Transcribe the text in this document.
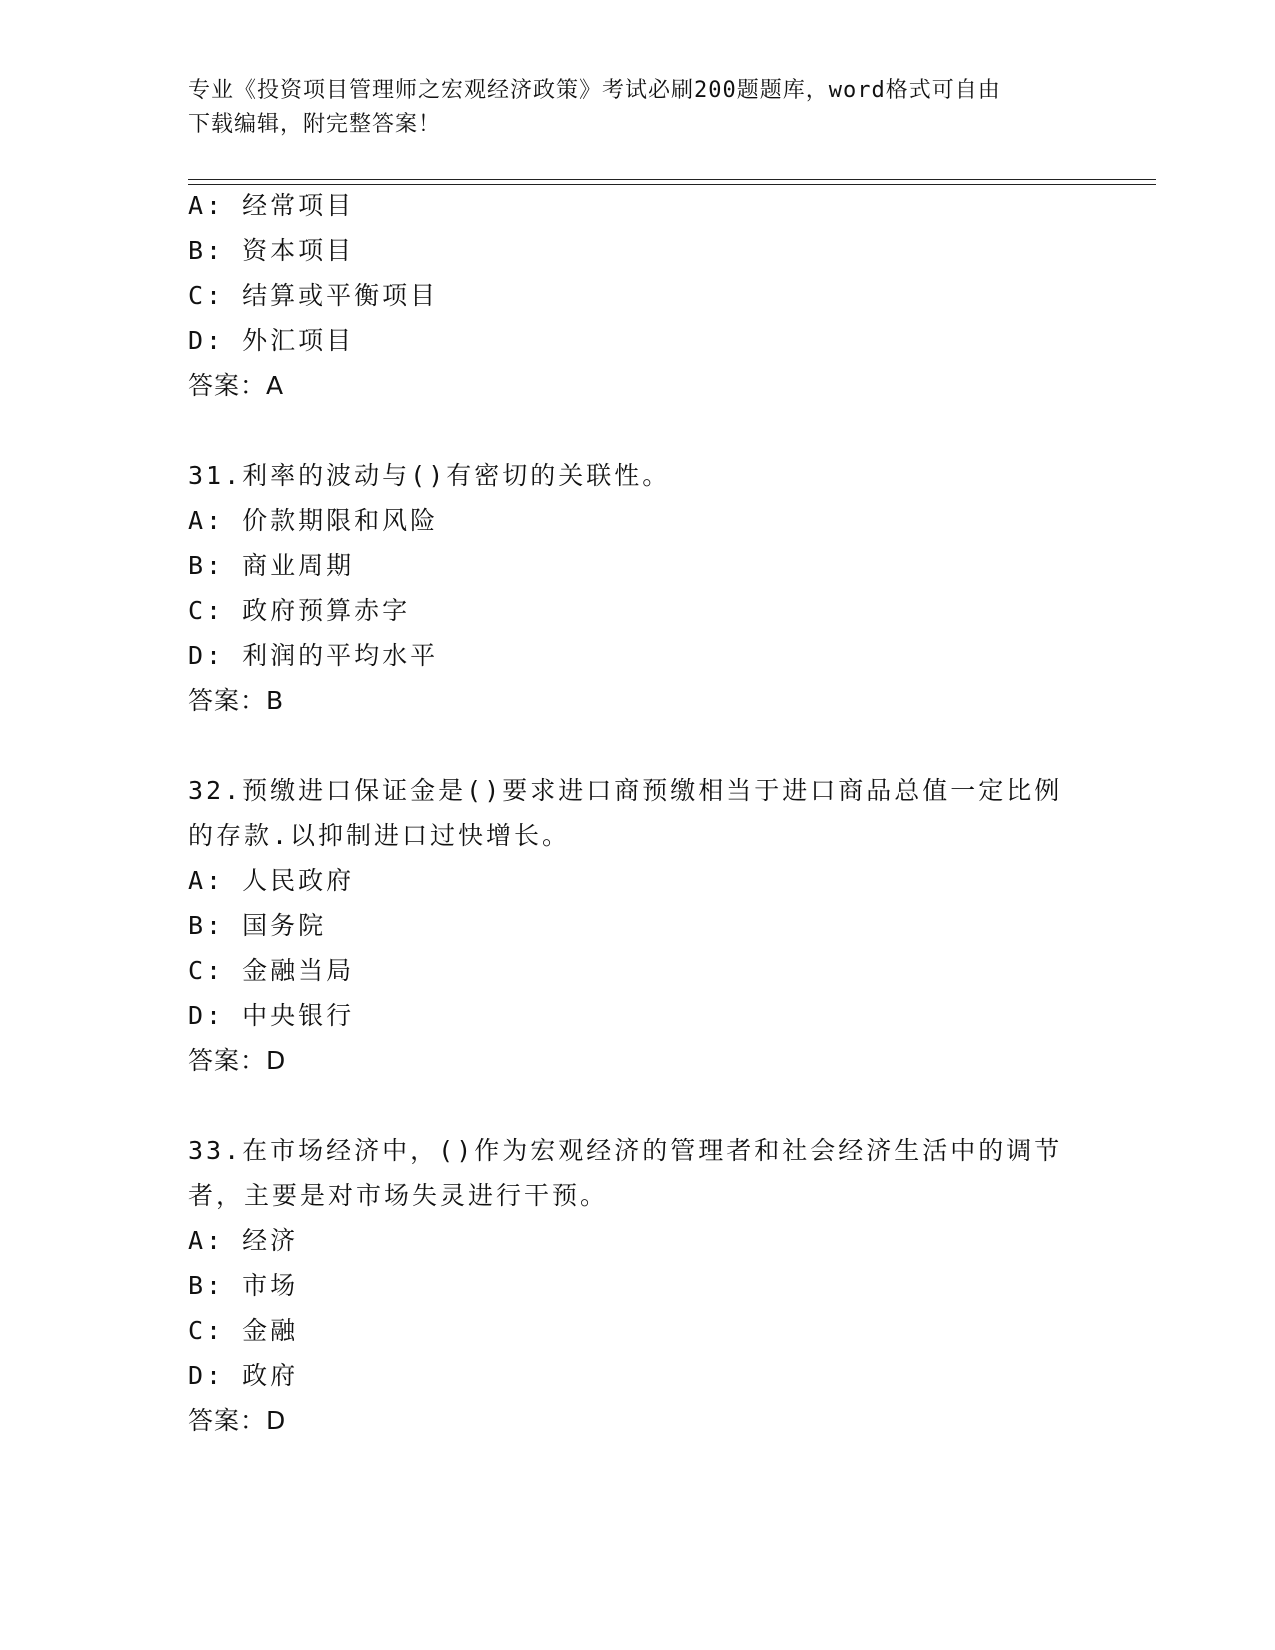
专业《投资项目管理师之宏观经济政策》考试必刷200题题库，word格式可自由
下载编辑，附完整答案！
A: 经常项目
B: 资本项目
C: 结算或平衡项目
D: 外汇项目
答案：A
31.利率的波动与()有密切的关联性。
A: 价款期限和风险
B: 商业周期
C: 政府预算赤字
D: 利润的平均水平
答案：B
32.预缴进口保证金是()要求进口商预缴相当于进口商品总值一定比例
的存款.以抑制进口过快增长。
A: 人民政府
B: 国务院
C: 金融当局
D: 中央银行
答案：D
33.在市场经济中，()作为宏观经济的管理者和社会经济生活中的调节
者，主要是对市场失灵进行干预。
A: 经济
B: 市场
C: 金融
D: 政府
答案：D
